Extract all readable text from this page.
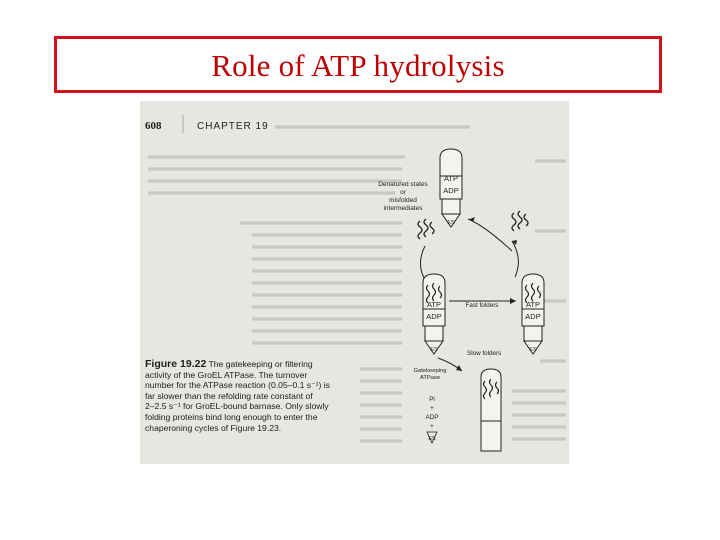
Role of ATP hydrolysis
608	CHAPTER 19
ATP
ADP
ES
Denatured states
or
misfolded
intermediates
ATP
ADP
ES
ATP
ADP
ES
Fast folders
Slow folders
Gatekeeping
ATPase
Pi
+
ADP
+
ES
Figure 19.22 The gatekeeping or filtering
activity of the GroEL ATPase. The turnover
number for the ATPase reaction (0.05–0.1 s⁻¹) is
far slower than the refolding rate constant of
2–2.5 s⁻¹ for GroEL-bound barnase. Only slowly
folding proteins bind long enough to enter the
chaperoning cycles of Figure 19.23.
